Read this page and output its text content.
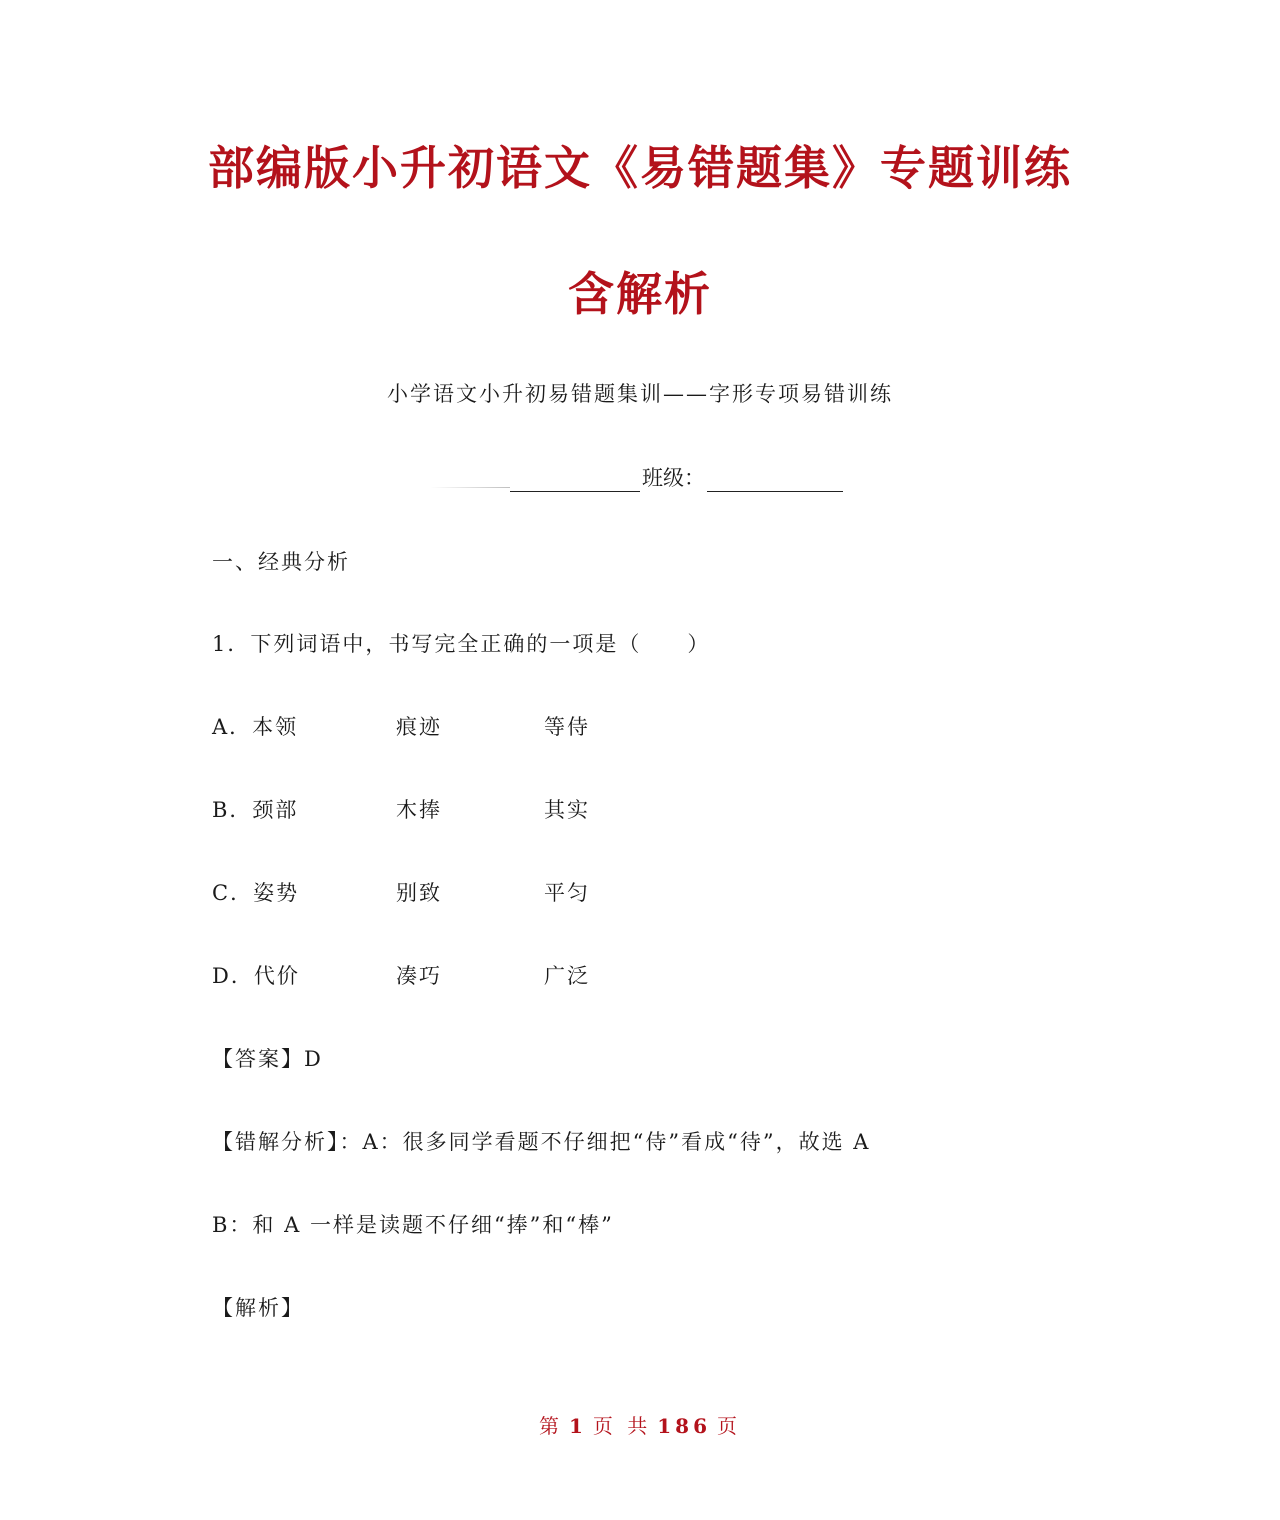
部编版小升初语文《易错题集》专题训练
含解析
小学语文小升初易错题集训——字形专项易错训练
班级：
一、经典分析
1．下列词语中，书写完全正确的一项是（　　）
A．本领	痕迹	等侍
B．颈部	木捧	其实
C．姿势	别致	平匀
D．代价	凑巧	广泛
【答案】D
【错解分析】：A：很多同学看题不仔细把“侍”看成“待”，故选 A
B：和 A 一样是读题不仔细“捧”和“棒”
【解析】
第 1 页 共 186 页
